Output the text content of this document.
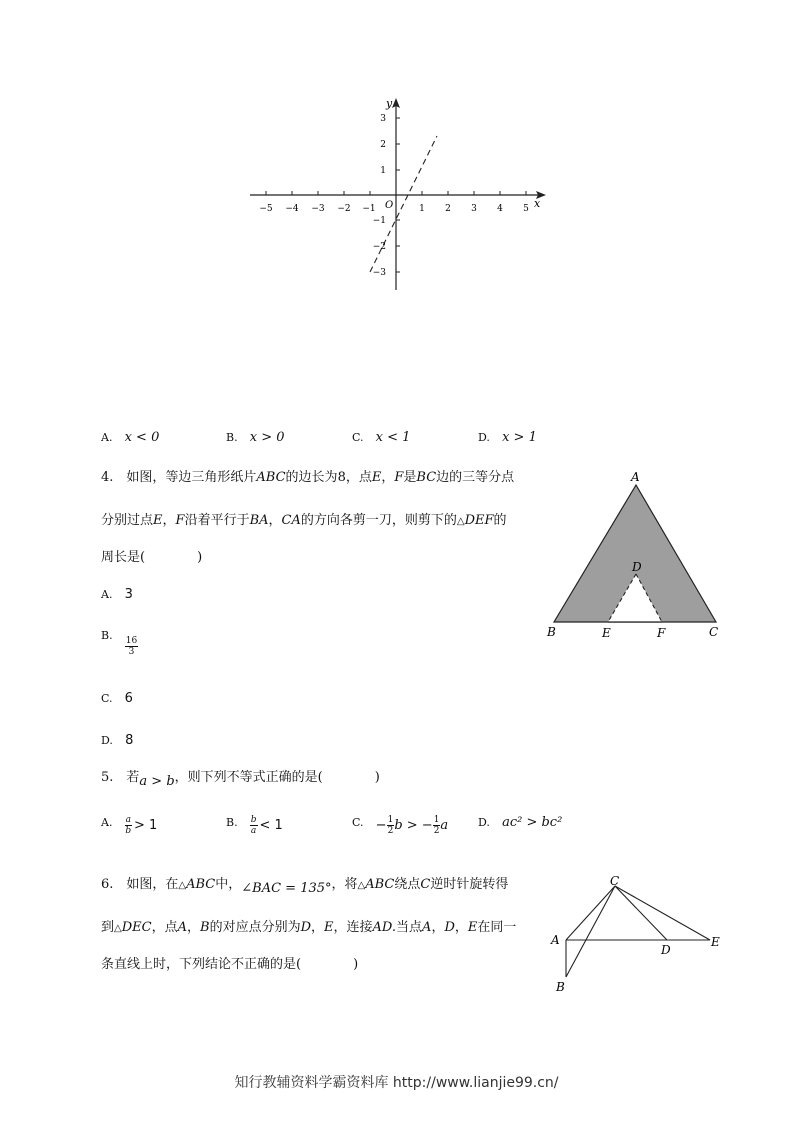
y
x
O
−5 −4 −3 −2 −1	1 2 3 4 5
3
2
1
−1
−2
−3
A. x < 0	B. x > 0	C. x < 1	D. x > 1
4.　如图，等边三角形纸片ABC的边长为8，点E，F是BC边的三等分点
分别过点E，F沿着平行于BA，CA的方向各剪一刀，则剪下的△DEF的
周长是(　　　　)
A. 3
$^{B.}$
$\frac{16}{3}$
C. 6
D. 8
A
B	C
D
E	F
5.　若a > b，则下列不等式正确的是(　　　　)
$^{A.} \frac{a}{b} > 1$	$^{B.} \frac{b}{a} < 1$	$^{C.} - \frac{1}{2}$ b > − $\frac{1}{2}$ a	$^{D.}$ ac² > bc²
6.　如图，在△ABC中，∠BAC = 135°，将△ABC绕点C逆时针旋转得
到△DEC，点A，B的对应点分别为D，E，连接AD.当点A，D，E在同一
条直线上时，下列结论不正确的是(　　　　)
C
A
B
D
E
知行教辅资料学霸资料库 http://www.lianjie99.cn/
